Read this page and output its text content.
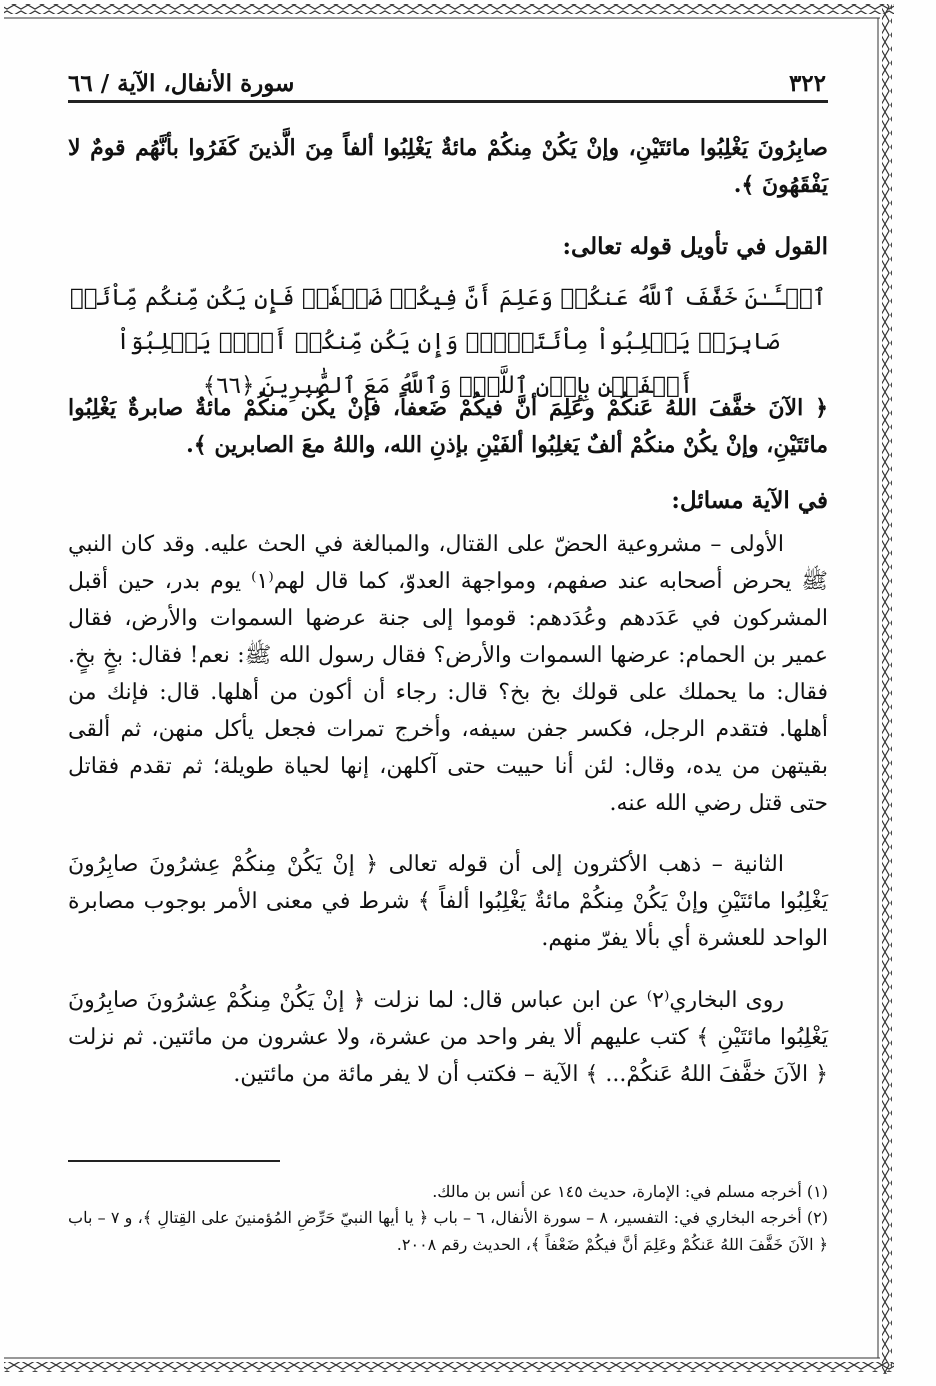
٣٢٢
سورة الأنفال، الآية / ٦٦

صابِرُونَ يَغْلِبُوا مائتَيْنِ، وإنْ يَكُنْ مِنكُمْ مائةٌ يَغْلِبُوا ألفاً مِنَ الَّذينَ كَفَرُوا بأنَّهُم قومٌ لا يَفْقَهُونَ ﴾.

القول في تأويل قوله تعالى:

ٱلۡـَٔـٰنَ خَفَّفَ ٱللَّهُ عَنكُمۡ وَعَلِمَ أَنَّ فِيكُمۡ ضَعۡفٗاۚ فَإِن يَكُن مِّنكُم مِّاْئَةٞ صَابِرَةٞ يَغۡلِبُواْ مِاْئَتَيۡنِۚ وَإِن يَكُن مِّنكُمۡ أَلۡفٞ يَغۡلِبُوٓاْ أَلۡفَيۡنِ بِإِذۡنِ ٱللَّهِۗ وَٱللَّهُ مَعَ ٱلصَّٰبِرِينَ ﴿٦٦﴾

﴿ الآنَ خفَّفَ اللهُ عَنكُمْ وعَلِمَ أنَّ فيكُمْ ضَعفاً، فإنْ يكُن منكُمْ مائةٌ صابرةٌ يَغْلِبُوا مائتَيْنِ، وإنْ يكُنْ منكُمْ ألفٌ يَغلِبُوا ألفَيْنِ بإذنِ الله، واللهُ معَ الصابرين ﴾.

في الآية مسائل:

الأولى – مشروعية الحضّ على القتال، والمبالغة في الحث عليه. وقد كان النبي ﷺ يحرض أصحابه عند صفهم، ومواجهة العدوّ، كما قال لهم⁽١⁾ يوم بدر، حين أقبل المشركون في عَدَدهم وعُدَدهم: قوموا إلى جنة عرضها السموات والأرض، فقال عمير بن الحمام: عرضها السموات والأرض؟ فقال رسول الله ﷺ: نعم! فقال: بخٍ بخٍ. فقال: ما يحملك على قولك بخ بخ؟ قال: رجاء أن أكون من أهلها. قال: فإنك من أهلها. فتقدم الرجل، فكسر جفن سيفه، وأخرج تمرات فجعل يأكل منهن، ثم ألقى بقيتهن من يده، وقال: لئن أنا حييت حتى آكلهن، إنها لحياة طويلة؛ ثم تقدم فقاتل حتى قتل رضي الله عنه.

الثانية – ذهب الأكثرون إلى أن قوله تعالى ﴿ إنْ يَكُنْ مِنكُمْ عِشرُونَ صابِرُونَ يَغْلِبُوا مائتَيْنِ وإنْ يَكُنْ مِنكُمْ مائةٌ يَغْلِبُوا ألفاً ﴾ شرط في معنى الأمر بوجوب مصابرة الواحد للعشرة أي بألا يفرّ منهم.

روى البخاري⁽٢⁾ عن ابن عباس قال: لما نزلت ﴿ إنْ يَكُنْ مِنكُمْ عِشرُونَ صابِرُونَ يَغْلِبُوا مائتَيْنِ ﴾ كتب عليهم ألا يفر واحد من عشرة، ولا عشرون من مائتين. ثم نزلت ﴿ الآنَ خفَّفَ اللهُ عَنكُمْ... ﴾ الآية – فكتب أن لا يفر مائة من مائتين.

(١) أخرجه مسلم في: الإمارة، حديث ١٤٥ عن أنس بن مالك.

(٢) أخرجه البخاري في: التفسير، ٨ – سورة الأنفال، ٦ – باب ﴿ يا أيها النبيّ حَرِّضِ المُؤمنينَ على القِتالِ ﴾، و ٧ – باب ﴿ الآنَ خَفَّفَ اللهُ عَنكُمْ وعَلِمَ أنَّ فيكُمْ ضَعْفاً ﴾، الحديث رقم ٢٠٠٨.
